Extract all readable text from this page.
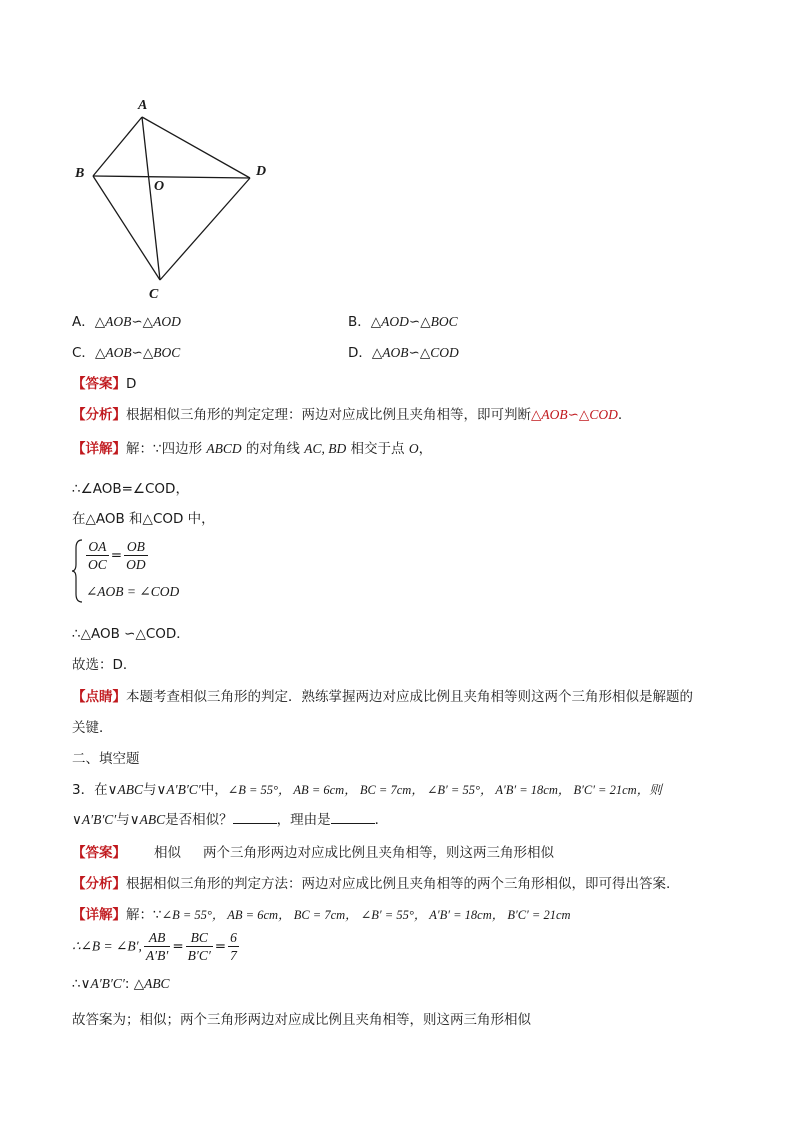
A
B	D
O
C
A．△AOB∽△AOD	B．△AOD∽△BOC
C．△AOB∽△BOC	D．△AOB∽△COD
【答案】D
【分析】根据相似三角形的判定定理：两边对应成比例且夹角相等，即可判断△AOB∽△COD.
【详解】解：∵四边形 ABCD 的对角线 AC, BD 相交于点 O，
∴∠AOB=∠COD，
在△AOB 和△COD 中，
$\frac{OA}{OC} = \frac{OB}{OD}$
∠AOB = ∠COD
∴△AOB ∽△COD．
故选：D．
【点睛】本题考查相似三角形的判定．熟练掌握两边对应成比例且夹角相等则这两个三角形相似是解题的
关键．
二、填空题
3．在∨ABC与∨A′B′C′中，∠B = 55°， AB = 6cm， BC = 7cm， ∠B′ = 55°， A′B′ = 18cm， B′C′ = 21cm，则
∨A′B′C′与∨ABC是否相似？	，理由是	．
【答案】 相似 两个三角形两边对应成比例且夹角相等，则这两三角形相似
【分析】根据相似三角形的判定方法：两边对应成比例且夹角相等的两个三角形相似，即可得出答案.
【详解】解：∵∠B = 55°， AB = 6cm， BC = 7cm， ∠B′ = 55°， A′B′ = 18cm， B′C′ = 21cm
∴∠B = ∠B′, $\frac{AB}{A'B'} = \frac{BC}{B'C'} = \frac{6}{7}$
∴∨A′B′C′: △ABC
故答案为；相似；两个三角形两边对应成比例且夹角相等，则这两三角形相似
